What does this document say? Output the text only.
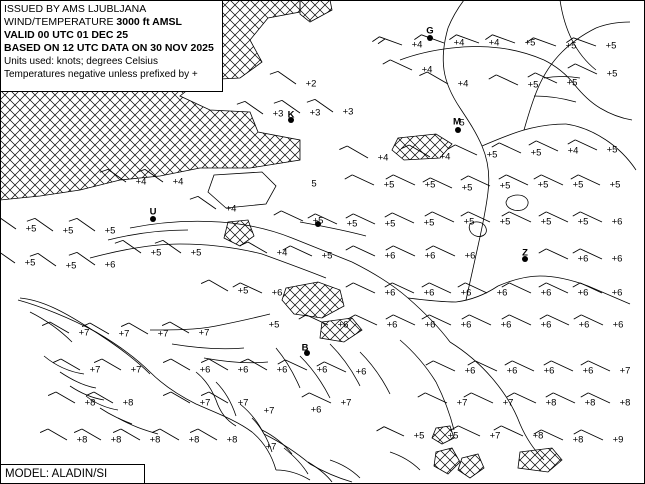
+4	+4	+4	+5	+5	+5
+4
+4	+5	+5
+5
+2
+3	+3 +3
5
+4	+4	+5	+5	+4	+5
+4	+4	5	+5	+5	+5	+5	+5	+5	+5
+4
+5 +5	+5	+5	+5	+5	+5	+5 +6
+5	+5	+5
+5	+5	+4	+5	+6	+6	+6	+6 +6
+5	+5	+6
+5 +6	+6	+6	+6	+6	+6	+6 +6
+7	+7	+7	+7
+5	+6	+6	+6	+6	+6	+6	+6 +6
+7	+7	+6	+6	+6	+6	+6	+6	+6	+6	+6	+7
+8	+8	+7	+7
+7	+6
+7	+7	+7	+8	+8	+8
+8 +8	+8	+8	+8
+7
+5 +5	+7	+8	+8	+9
G
K
M
U
Z
B
ISSUED BY AMS LJUBLJANA
WIND/TEMPERATURE 3000 ft AMSL
VALID 00 UTC 01 DEC 25
BASED ON 12 UTC DATA ON 30 NOV 2025
Units used: knots; degrees Celsius
Temperatures negative unless prefixed by +
MODEL: ALADIN/SI
